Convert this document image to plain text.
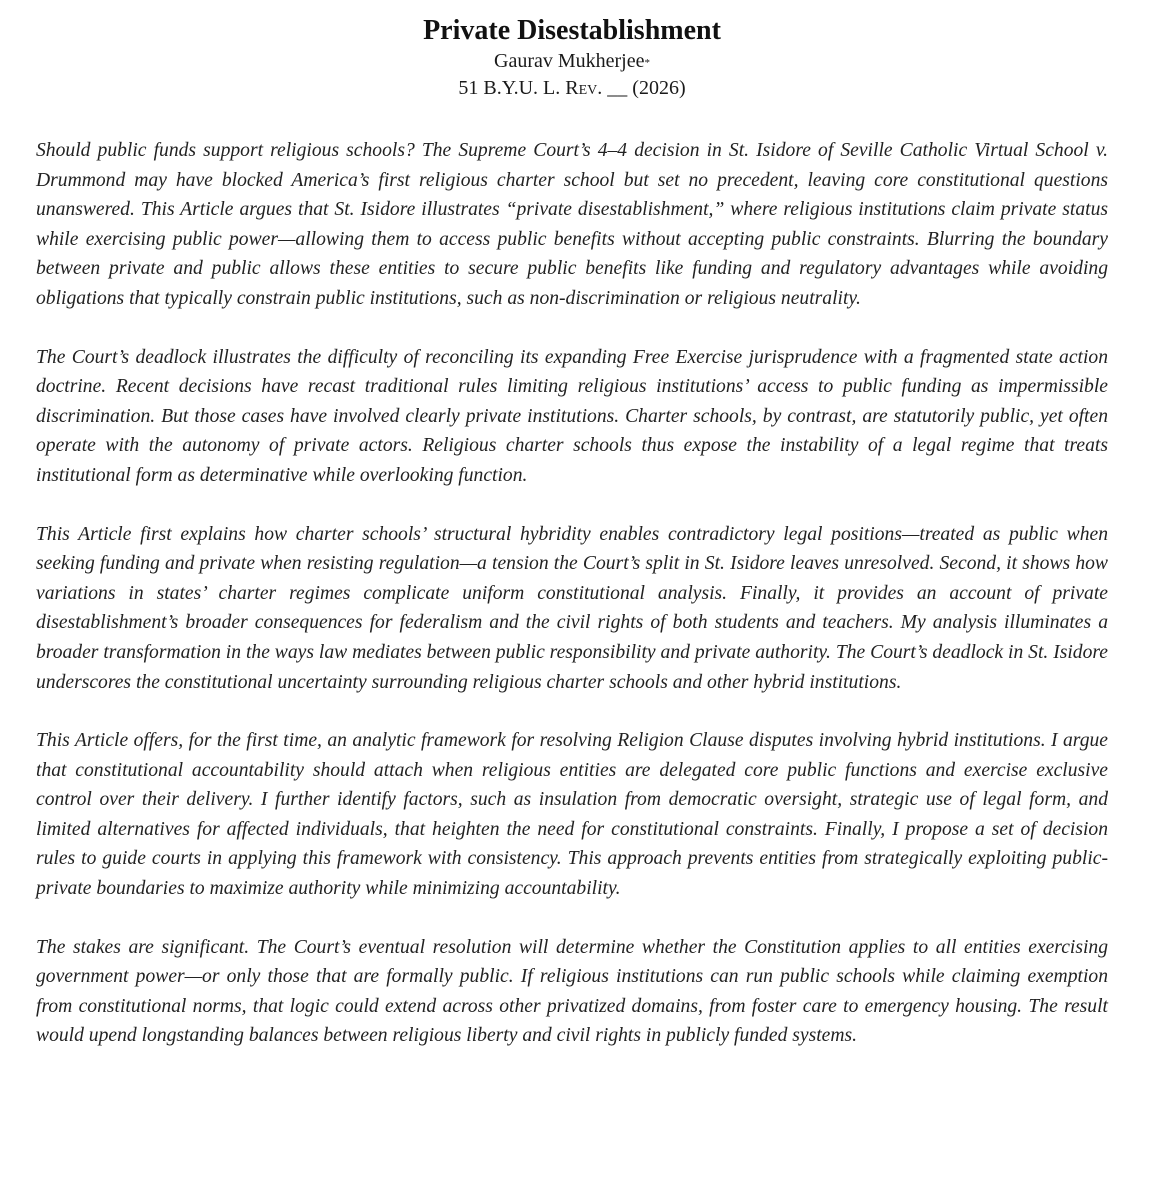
Private Disestablishment

Gaurav Mukherjee*

51 B.Y.U. L. Rev. __ (2026)

Should public funds support religious schools? The Supreme Court’s 4–4 decision in St. Isidore of Seville Catholic Virtual School v. Drummond may have blocked America’s first religious charter school but set no precedent, leaving core constitutional questions unanswered. This Article argues that St. Isidore illustrates “private disestablishment,” where religious institutions claim private status while exercising public power—allowing them to access public benefits without accepting public constraints. Blurring the boundary between private and public allows these entities to secure public benefits like funding and regulatory advantages while avoiding obligations that typically constrain public institutions, such as non-discrimination or religious neutrality.

The Court’s deadlock illustrates the difficulty of reconciling its expanding Free Exercise jurisprudence with a fragmented state action doctrine. Recent decisions have recast traditional rules limiting religious institutions’ access to public funding as impermissible discrimination. But those cases have involved clearly private institutions. Charter schools, by contrast, are statutorily public, yet often operate with the autonomy of private actors. Religious charter schools thus expose the instability of a legal regime that treats institutional form as determinative while overlooking function.

This Article first explains how charter schools’ structural hybridity enables contradictory legal positions—treated as public when seeking funding and private when resisting regulation—a tension the Court’s split in St. Isidore leaves unresolved. Second, it shows how variations in states’ charter regimes complicate uniform constitutional analysis. Finally, it provides an account of private disestablishment’s broader consequences for federalism and the civil rights of both students and teachers. My analysis illuminates a broader transformation in the ways law mediates between public responsibility and private authority. The Court’s deadlock in St. Isidore underscores the constitutional uncertainty surrounding religious charter schools and other hybrid institutions.

This Article offers, for the first time, an analytic framework for resolving Religion Clause disputes involving hybrid institutions. I argue that constitutional accountability should attach when religious entities are delegated core public functions and exercise exclusive control over their delivery. I further identify factors, such as insulation from democratic oversight, strategic use of legal form, and limited alternatives for affected individuals, that heighten the need for constitutional constraints. Finally, I propose a set of decision rules to guide courts in applying this framework with consistency. This approach prevents entities from strategically exploiting public-private boundaries to maximize authority while minimizing accountability.

The stakes are significant. The Court’s eventual resolution will determine whether the Constitution applies to all entities exercising government power—or only those that are formally public. If religious institutions can run public schools while claiming exemption from constitutional norms, that logic could extend across other privatized domains, from foster care to emergency housing. The result would upend longstanding balances between religious liberty and civil rights in publicly funded systems.
